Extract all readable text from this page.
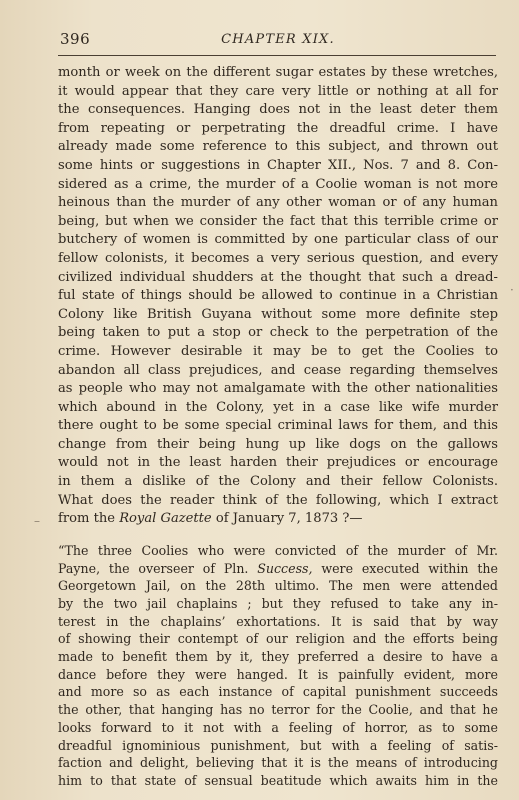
396	CHAPTER XIX.
month or week on the different sugar estates by these wretches,
it would appear that they care very little or nothing at all for
the consequences. Hanging does not in the least deter them
from repeating or perpetrating the dreadful crime. I have
already made some reference to this subject, and thrown out
some hints or suggestions in Chapter XII., Nos. 7 and 8. Con-
sidered as a crime, the murder of a Coolie woman is not more
heinous than the murder of any other woman or of any human
being, but when we consider the fact that this terrible crime or
butchery of women is committed by one particular class of our
fellow colonists, it becomes a very serious question, and every
civilized individual shudders at the thought that such a dread-
ful state of things should be allowed to continue in a Christian
Colony like British Guyana without some more definite step
being taken to put a stop or check to the perpetration of the
crime. However desirable it may be to get the Coolies to
abandon all class prejudices, and cease regarding themselves
as people who may not amalgamate with the other nationalities
which abound in the Colony, yet in a case like wife murder
there ought to be some special criminal laws for them, and this
change from their being hung up like dogs on the gallows
would not in the least harden their prejudices or encourage
in them a dislike of the Colony and their fellow Colonists.
What does the reader think of the following, which I extract
from the Royal Gazette of January 7, 1873 ?—
“The three Coolies who were convicted of the murder of Mr.
Payne, the overseer of Pln. Success, were executed within the
Georgetown Jail, on the 28th ultimo. The men were attended
by the two jail chaplains ; but they refused to take any in-
terest in the chaplains’ exhortations. It is said that by way
of showing their contempt of our religion and the efforts being
made to benefit them by it, they preferred a desire to have a
dance before they were hanged. It is painfully evident, more
and more so as each instance of capital punishment succeeds
the other, that hanging has no terror for the Coolie, and that he
looks forward to it not with a feeling of horror, as to some
dreadful ignominious punishment, but with a feeling of satis-
faction and delight, believing that it is the means of introducing
him to that state of sensual beatitude which awaits him in the
·
–
